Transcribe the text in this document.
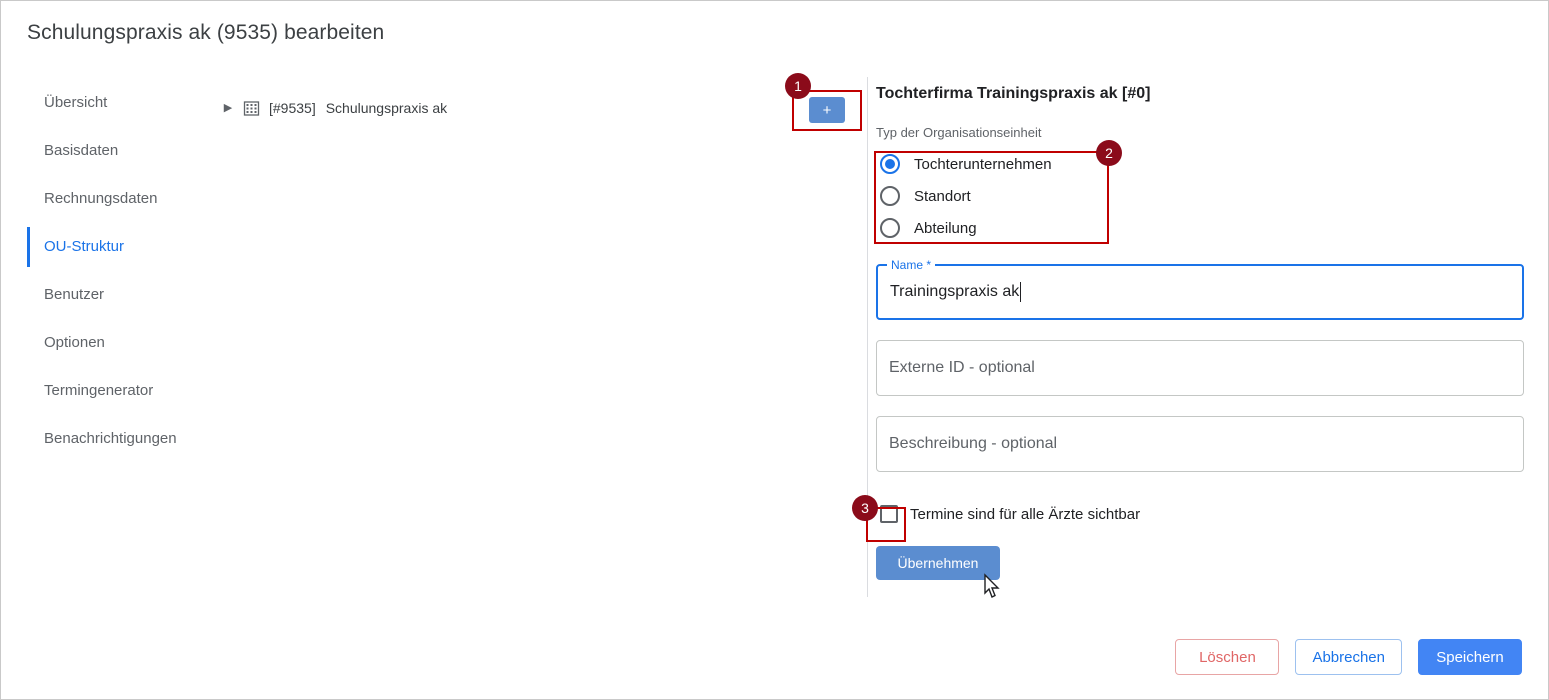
Schulungspraxis ak (9535) bearbeiten
Übersicht
Basisdaten
Rechnungsdaten
OU-Struktur
Benutzer
Optionen
Termingenerator
Benachrichtigungen
▶	[#9535] Schulungspraxis ak	+
Tochterfirma Trainingspraxis ak [#0]
Typ der Organisationseinheit
Tochterunternehmen
Standort
Abteilung
Name *
Trainingspraxis ak
Externe ID - optional
Beschreibung - optional
Termine sind für alle Ärzte sichtbar
Übernehmen
Löschen	Abbrechen	Speichern
1
2
3
